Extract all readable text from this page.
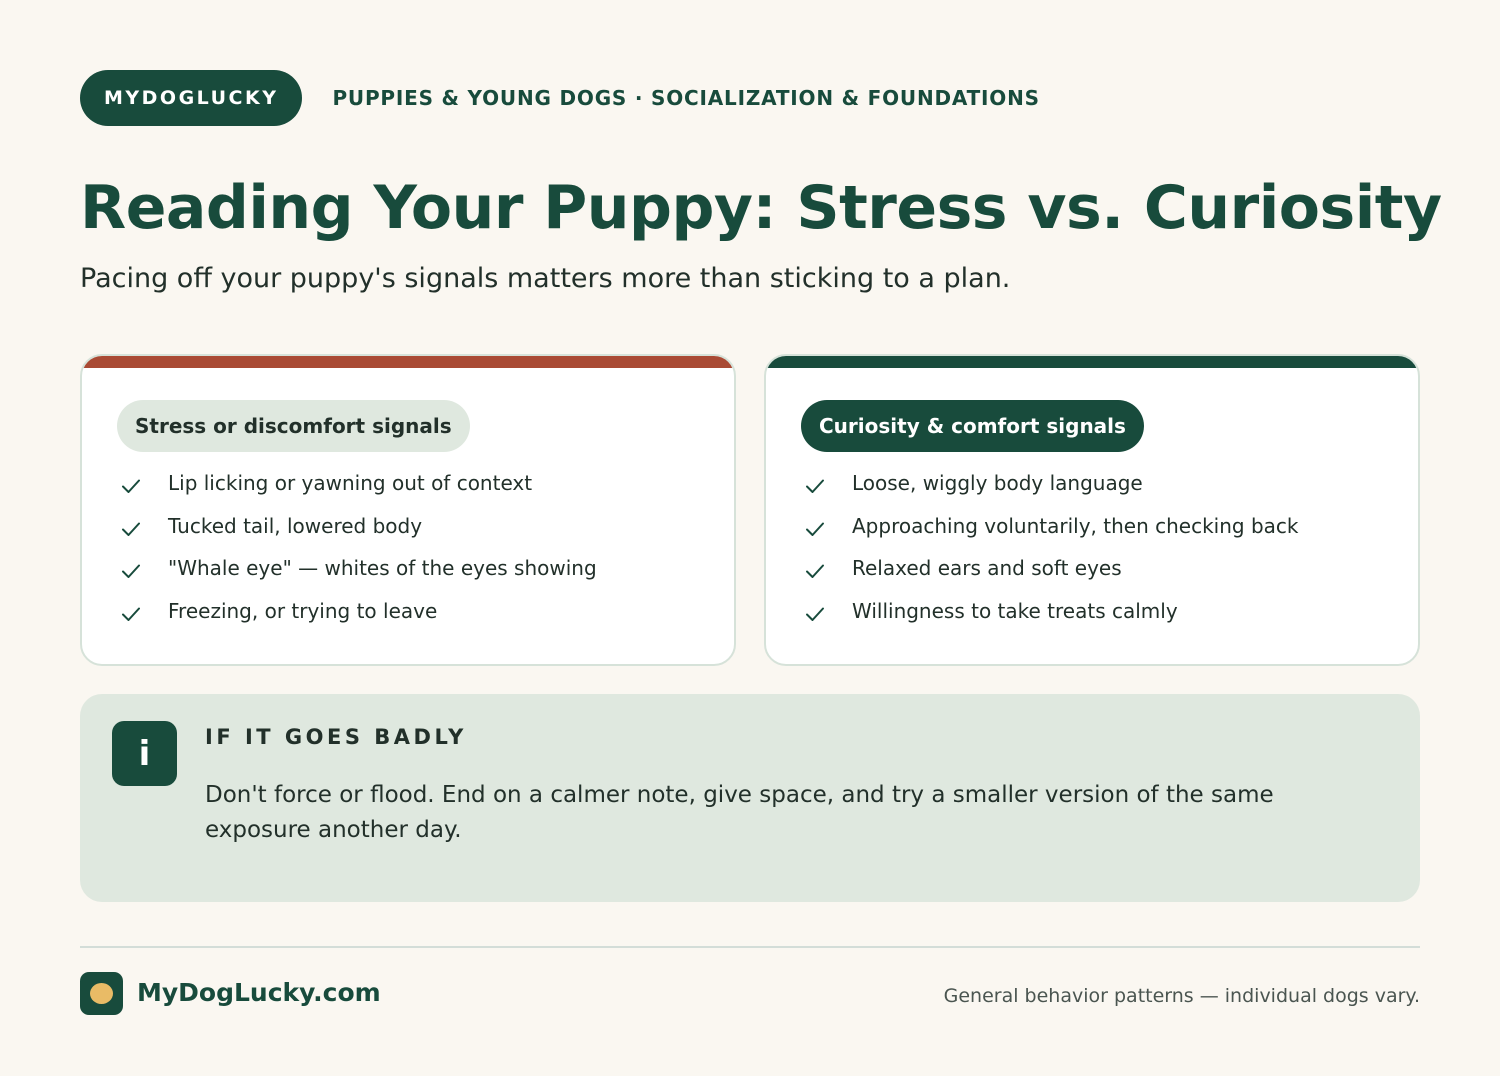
MYDOGLUCKY	PUPPIES & YOUNG DOGS · SOCIALIZATION & FOUNDATIONS
Reading Your Puppy: Stress vs. Curiosity
Pacing off your puppy's signals matters more than sticking to a plan.
Stress or discomfort signals
Lip licking or yawning out of context
Tucked tail, lowered body
"Whale eye" — whites of the eyes showing
Freezing, or trying to leave
Curiosity & comfort signals
Loose, wiggly body language
Approaching voluntarily, then checking back
Relaxed ears and soft eyes
Willingness to take treats calmly
i	IF IT GOES BADLY
Don't force or flood. End on a calmer note, give space, and try a smaller version of the same exposure another day.
MyDogLucky.com	General behavior patterns — individual dogs vary.
